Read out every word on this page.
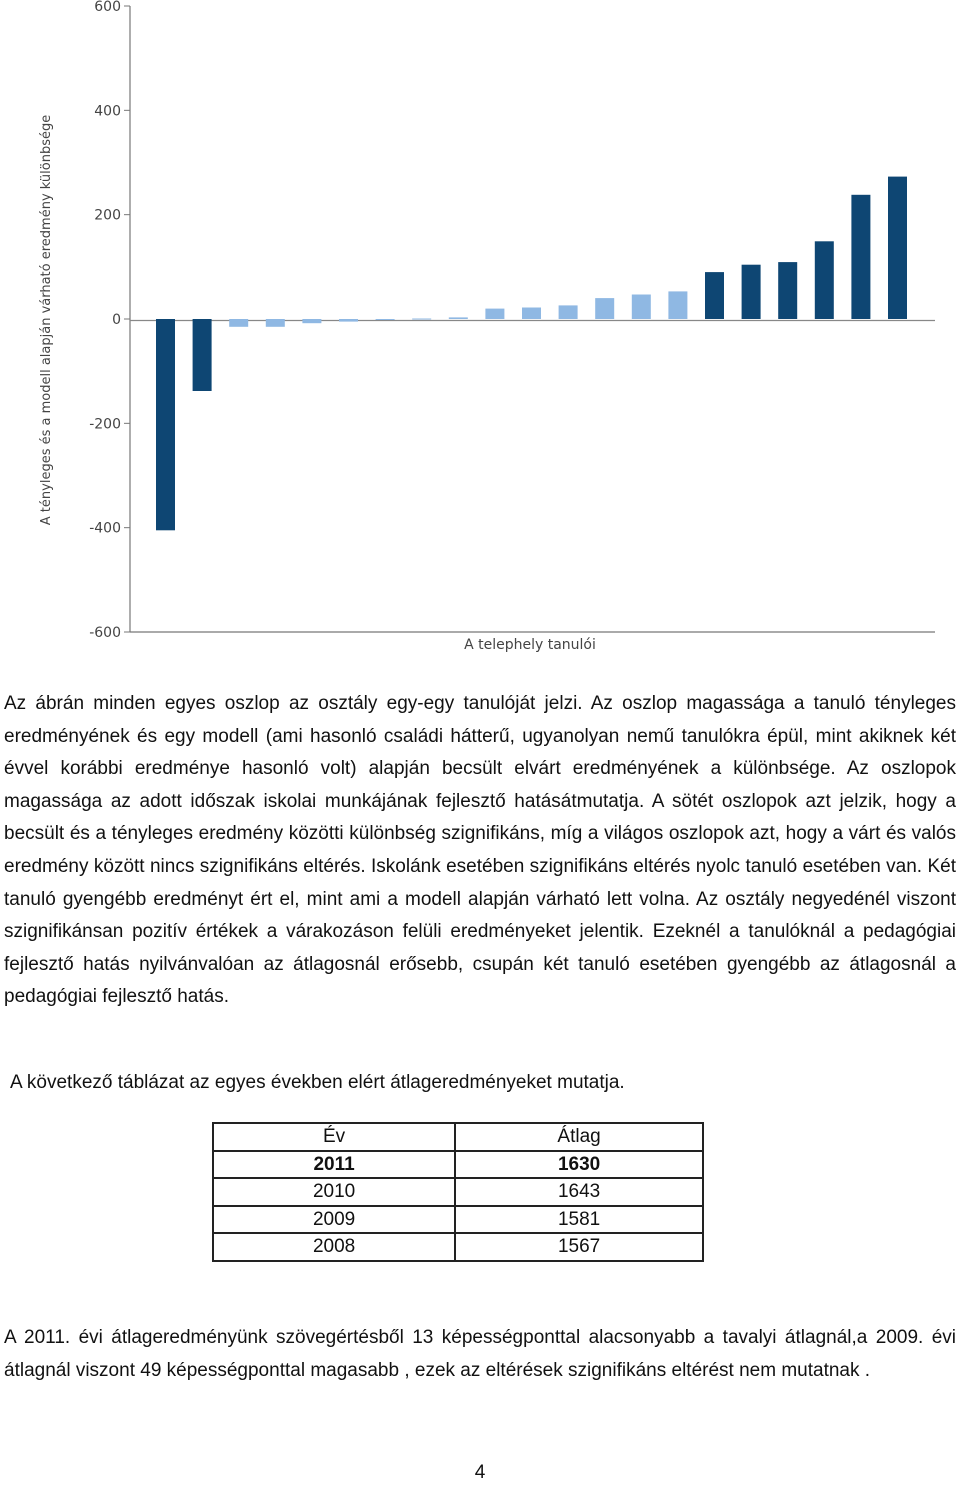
600
400
200
0
-200
-400
-600
A tényleges és a modell alapján várható eredmény különbsége
A telephely tanulói

Az ábrán minden egyes oszlop az osztály egy-egy tanulóját jelzi. Az oszlop magassága a tanuló tényleges eredményének és egy modell (ami hasonló családi hátterű, ugyanolyan nemű tanulókra épül, mint akiknek két évvel korábbi eredménye hasonló volt) alapján becsült elvárt eredményének a különbsége. Az oszlopok magassága az adott időszak iskolai munkájának fejlesztő hatásátmutatja. A sötét oszlopok azt jelzik, hogy a becsült és a tényleges eredmény közötti különbség szignifikáns, míg a világos oszlopok azt, hogy a várt és valós eredmény között nincs szignifikáns eltérés. Iskolánk esetében szignifikáns eltérés nyolc tanuló esetében van. Két tanuló gyengébb eredményt ért el, mint ami a modell alapján várható lett volna. Az osztály negyedénél viszont szignifikánsan pozitív értékek a várakozáson felüli eredményeket jelentik. Ezeknél a tanulóknál a pedagógiai fejlesztő hatás nyilvánvalóan az átlagosnál erősebb, csupán két tanuló esetében gyengébb az átlagosnál a pedagógiai fejlesztő hatás.

A következő táblázat az egyes években elért átlageredményeket mutatja.

Év	Átlag
2011	1630
2010	1643
2009	1581
2008	1567

A 2011. évi átlageredményünk szövegértésből 13 képességponttal alacsonyabb a tavalyi átlagnál,a 2009. évi átlagnál viszont 49 képességponttal magasabb , ezek az eltérések szignifikáns eltérést nem mutatnak .

4
